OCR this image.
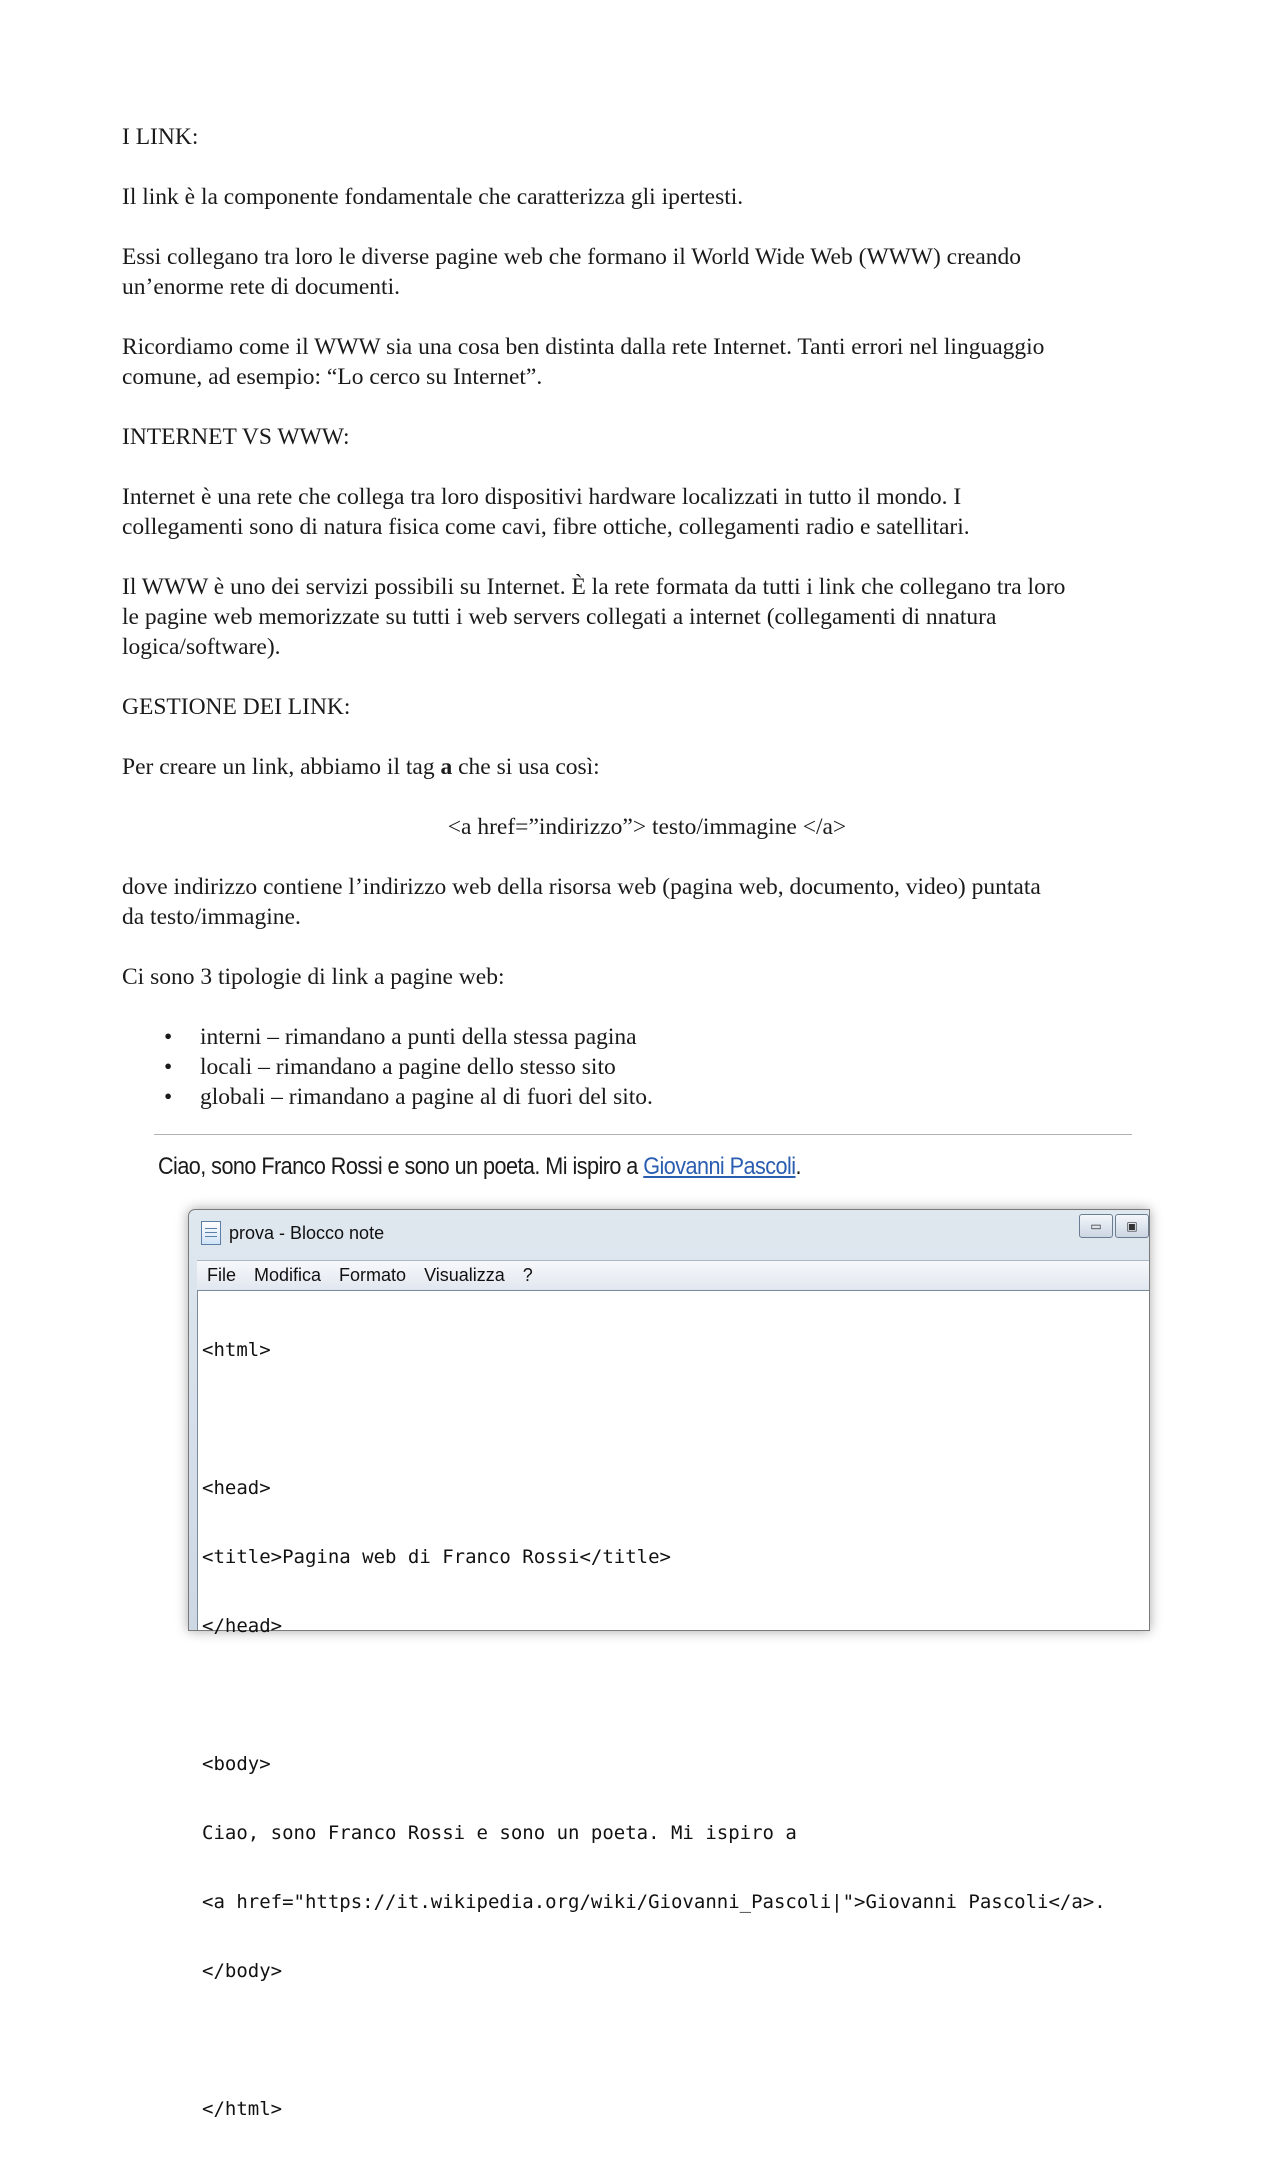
I LINK:

Il link è la componente fondamentale che caratterizza gli ipertesti.

Essi collegano tra loro le diverse pagine web che formano il World Wide Web (WWW) creando
un’enorme rete di documenti.

Ricordiamo come il WWW sia una cosa ben distinta dalla rete Internet. Tanti errori nel linguaggio
comune, ad esempio: “Lo cerco su Internet”.

INTERNET VS WWW:

Internet è una rete che collega tra loro dispositivi hardware localizzati in tutto il mondo. I
collegamenti sono di natura fisica come cavi, fibre ottiche, collegamenti radio e satellitari.

Il WWW è uno dei servizi possibili su Internet. È la rete formata da tutti i link che collegano tra loro
le pagine web memorizzate su tutti i web servers collegati a internet (collegamenti di nnatura
logica/software).

GESTIONE DEI LINK:

Per creare un link, abbiamo il tag a che si usa così:

<a href=”indirizzo”> testo/immagine </a>

dove indirizzo contiene l’indirizzo web della risorsa web (pagina web, documento, video) puntata
da testo/immagine.

Ci sono 3 tipologie di link a pagine web:

• interni – rimandano a punti della stessa pagina
• locali – rimandano a pagine dello stesso sito
• globali – rimandano a pagine al di fuori del sito.
Ciao, sono Franco Rossi e sono un poeta. Mi ispiro a Giovanni Pascoli.
prova - Blocco note	▭	▣
File Modifica Formato Visualizza ?

<html>

<head>

<title>Pagina web di Franco Rossi</title>

</head>

<body>

Ciao, sono Franco Rossi e sono un poeta. Mi ispiro a

<a href="https://it.wikipedia.org/wiki/Giovanni_Pascoli|">Giovanni Pascoli</a>.

</body>

</html>
